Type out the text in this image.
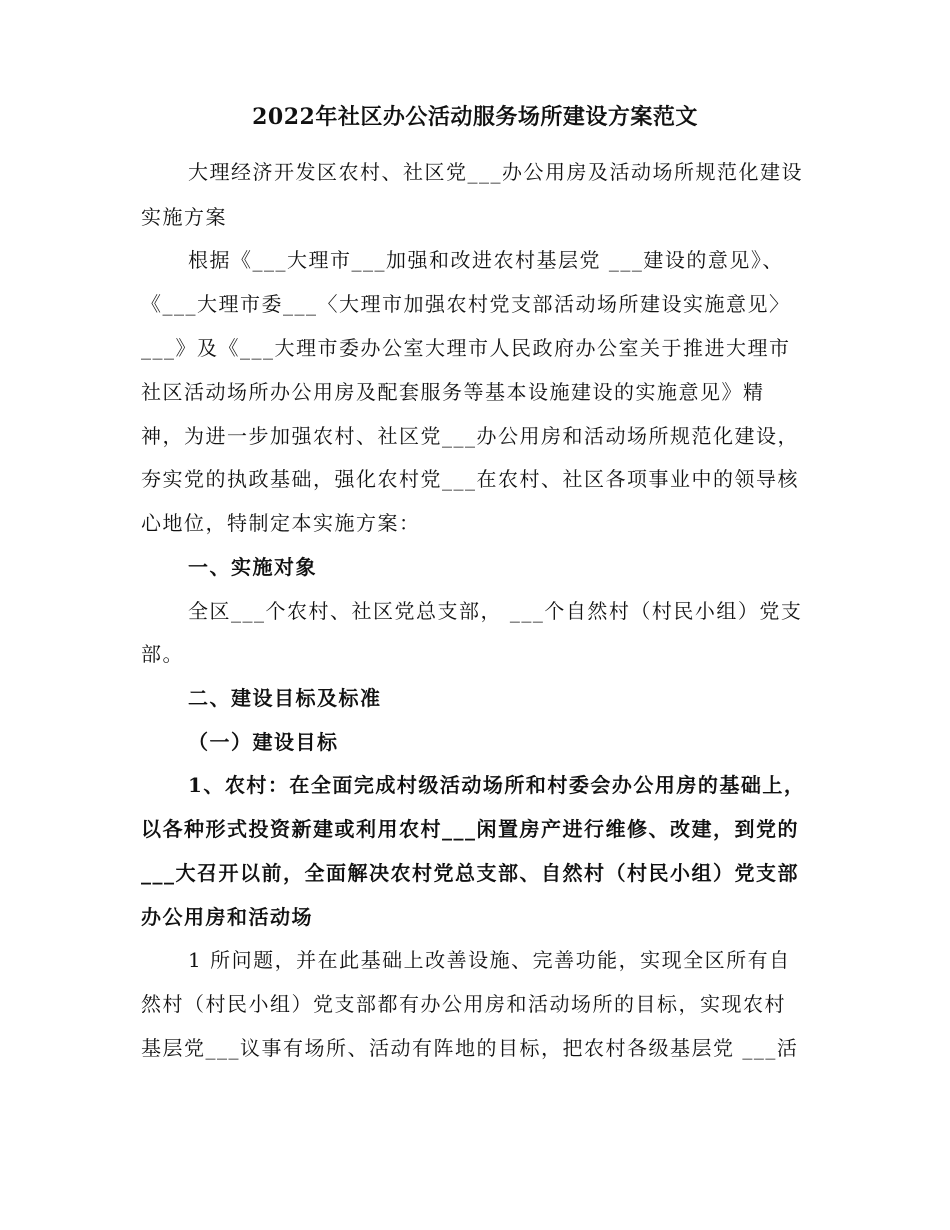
2022年社区办公活动服务场所建设方案范文
大理经济开发区农村、社区党___办公用房及活动场所规范化建设
实施方案
根据《___大理市___加强和改进农村基层党 ___建设的意见》、
《___大理市委___〈大理市加强农村党支部活动场所建设实施意见〉
___》及《___大理市委办公室大理市人民政府办公室关于推进大理市
社区活动场所办公用房及配套服务等基本设施建设的实施意见》精
神，为进一步加强农村、社区党___办公用房和活动场所规范化建设，
夯实党的执政基础，强化农村党___在农村、社区各项事业中的领导核
心地位，特制定本实施方案：
一、实施对象
全区___个农村、社区党总支部， ___个自然村（村民小组）党支
部。
二、建设目标及标准
（一）建设目标
1、农村：在全面完成村级活动场所和村委会办公用房的基础上，
以各种形式投资新建或利用农村___闲置房产进行维修、改建，到党的
___大召开以前，全面解决农村党总支部、自然村（村民小组）党支部
办公用房和活动场
1 所问题，并在此基础上改善设施、完善功能，实现全区所有自
然村（村民小组）党支部都有办公用房和活动场所的目标，实现农村
基层党___议事有场所、活动有阵地的目标，把农村各级基层党 ___活
